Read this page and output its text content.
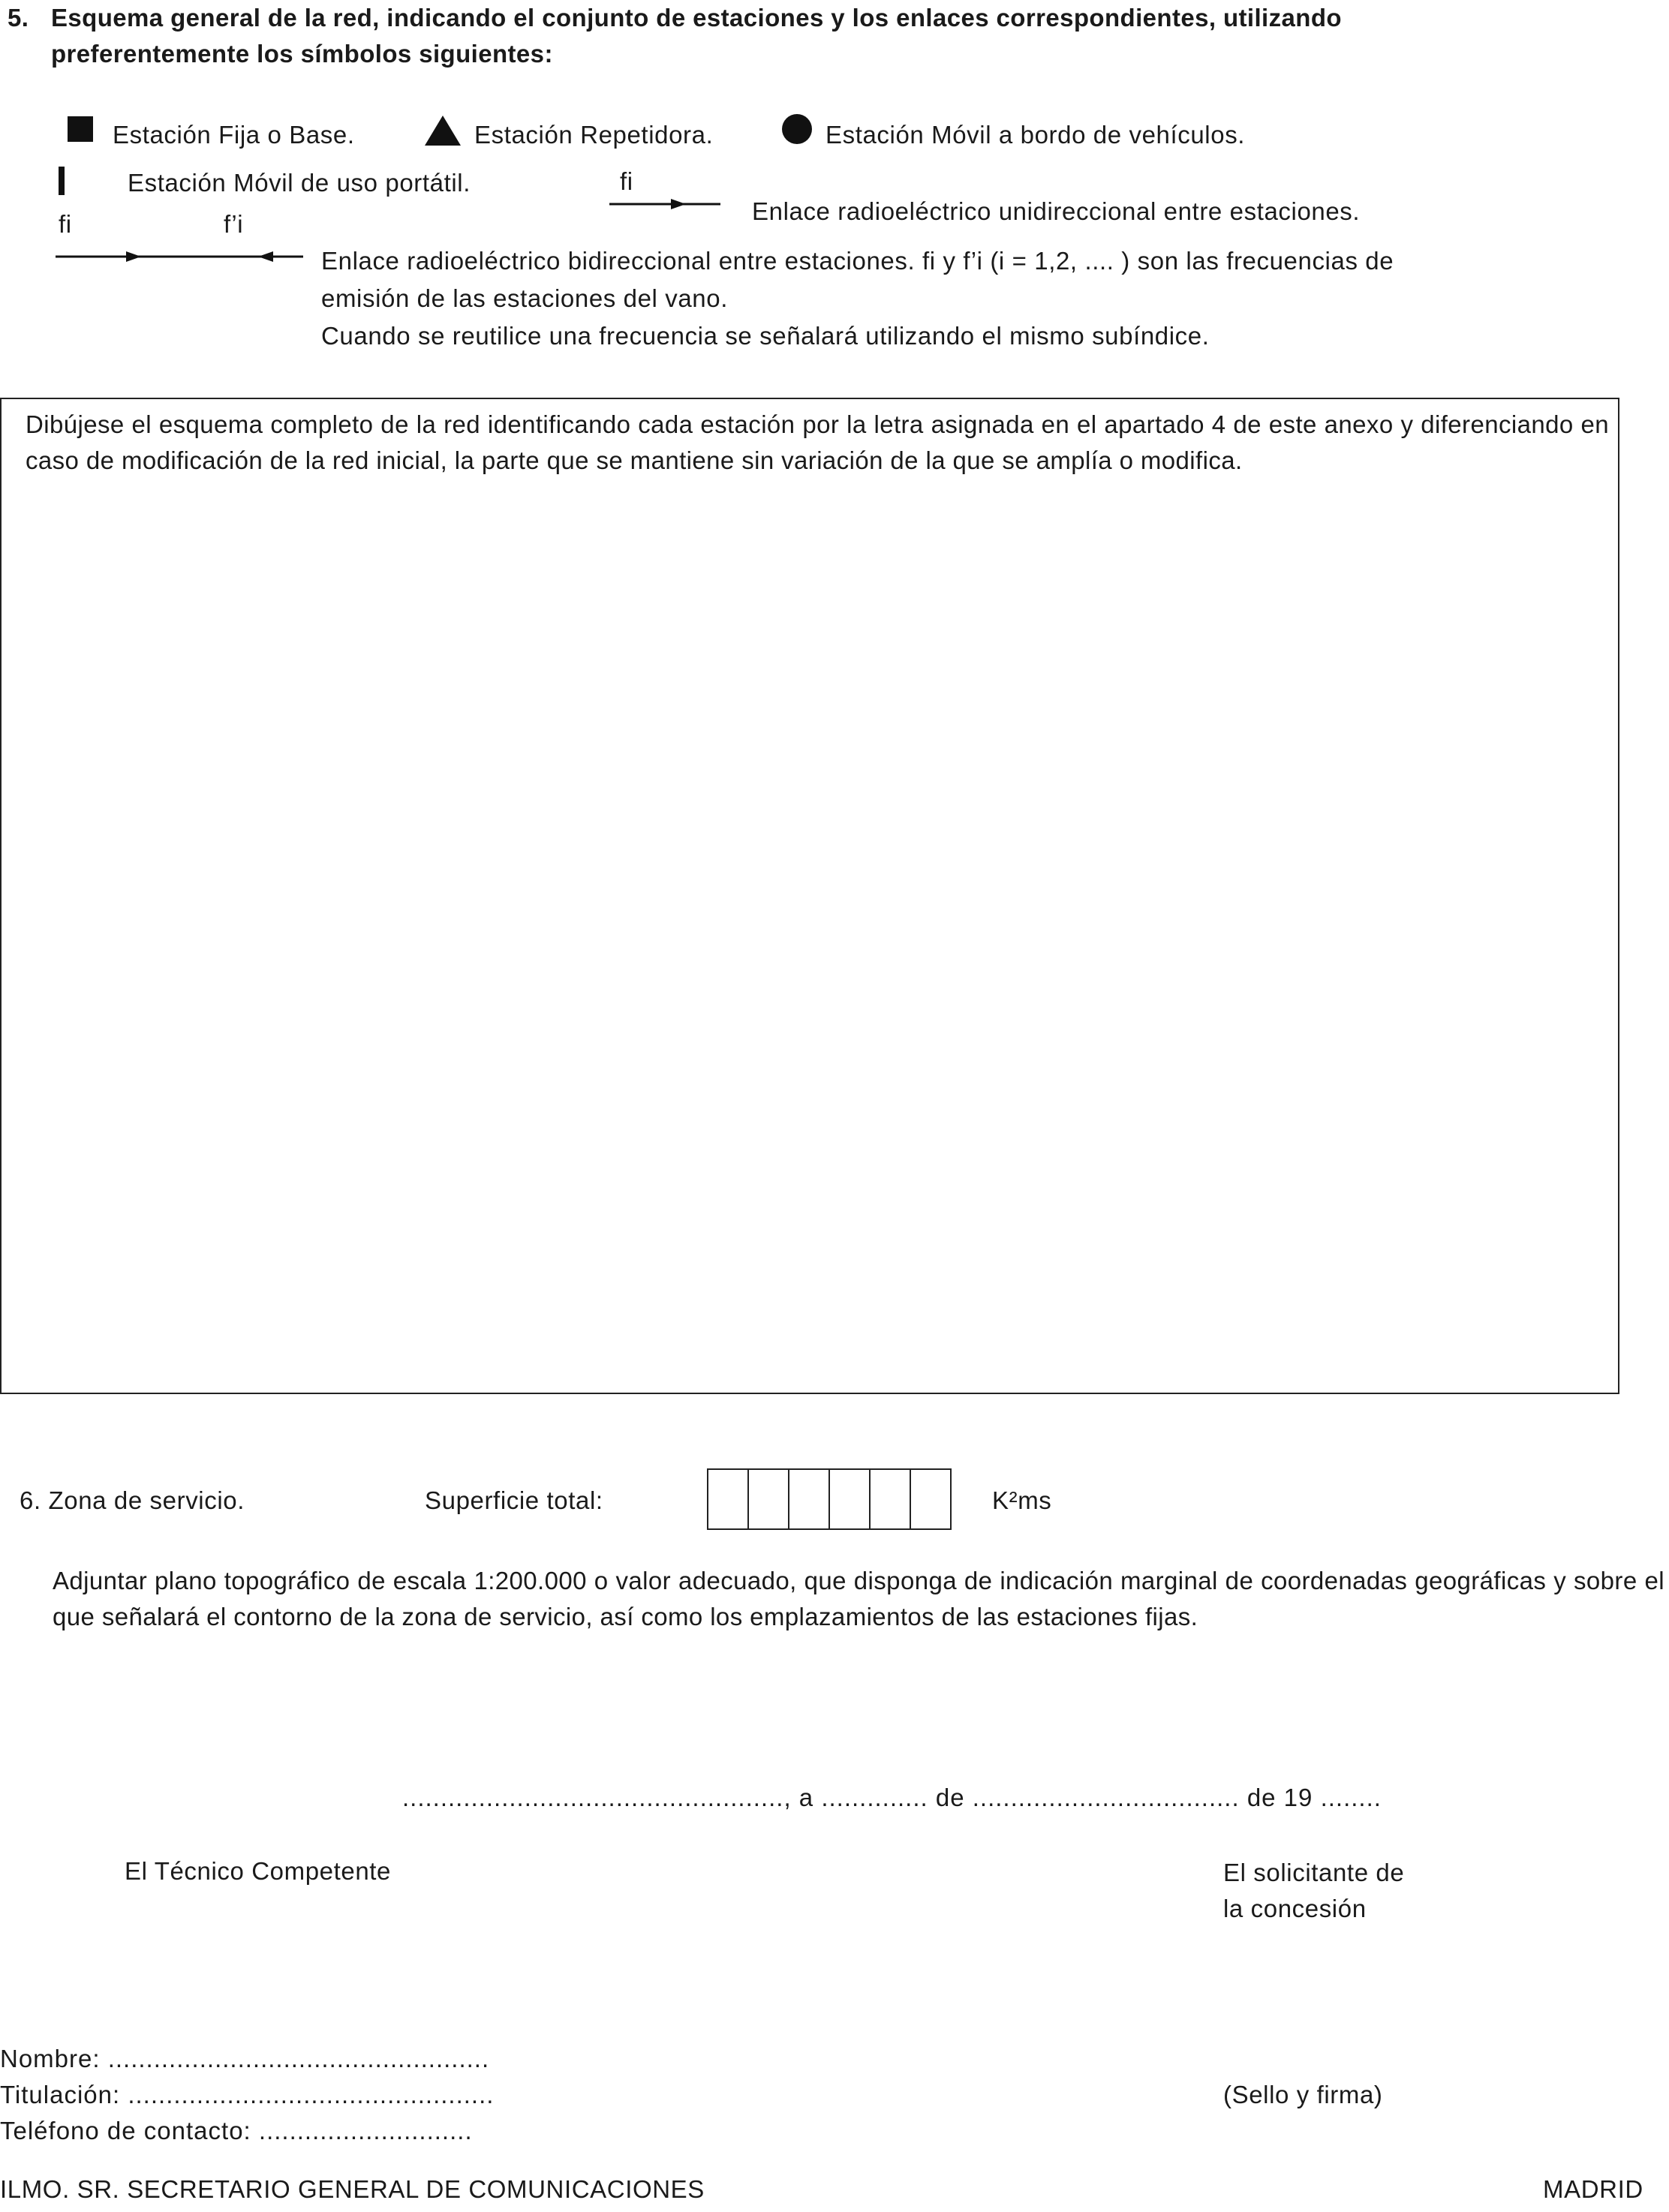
5. Esquema general de la red, indicando el conjunto de estaciones y los enlaces correspondientes, utilizando
preferentemente los símbolos siguientes:
Estación Fija o Base.	Estación Repetidora.	Estación Móvil a bordo de vehículos.
Estación Móvil de uso portátil.	fi
Enlace radioeléctrico unidireccional entre estaciones.
fi	f’i
Enlace radioeléctrico bidireccional entre estaciones. fi y f’i (i = 1,2, .... ) son las frecuencias de
emisión de las estaciones del vano.
Cuando se reutilice una frecuencia se señalará utilizando el mismo subíndice.
Dibújese el esquema completo de la red identificando cada estación por la letra asignada en el apartado 4 de este anexo y diferenciando en caso de modificación de la red inicial, la parte que se mantiene sin variación de la que se amplía o modifica.
6. Zona de servicio.	Superficie total:	K²ms
Adjuntar plano topográfico de escala 1:200.000 o valor adecuado, que disponga de indicación marginal de coordenadas geográficas y sobre el que señalará el contorno de la zona de servicio, así como los emplazamientos de las estaciones fijas.
.................................................., a .............. de ................................... de 19 ........
El Técnico Competente	El solicitante de
la concesión
Nombre: ..................................................
Titulación: ................................................
Teléfono de contacto: ............................
(Sello y firma)
ILMO. SR. SECRETARIO GENERAL DE COMUNICACIONES	MADRID
